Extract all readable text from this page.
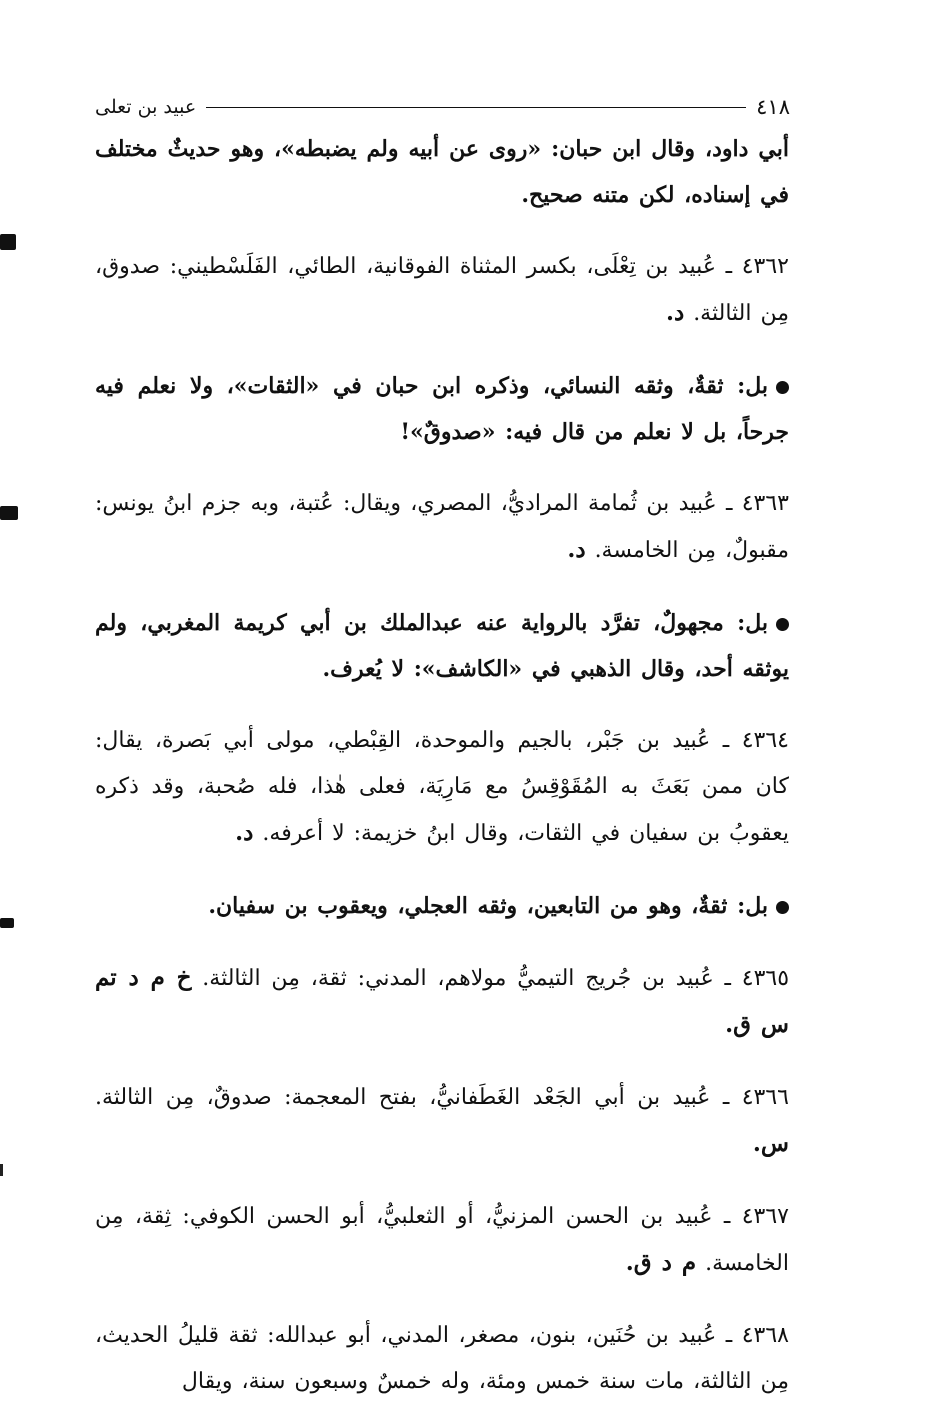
٤١٨
عبيد بن تعلى

أبي داود، وقال ابن حبان: «روى عن أبيه ولم يضبطه»، وهو حديثٌ مختلف في إسناده، لكن متنه صحيح.

٤٣٦٢ ـ عُبيد بن تِعْلَى، بكسر المثناة الفوقانية، الطائي، الفَلَسْطيني: صدوق، مِن الثالثة. د.

بل: ثقةٌ، وثقه النسائي، وذكره ابن حبان في «الثقات»، ولا نعلم فيه جرحاً، بل لا نعلم من قال فيه: «صدوقٌ»!

٤٣٦٣ ـ عُبيد بن ثُمامة المراديُّ، المصري، ويقال: عُتبة، وبه جزم ابنُ يونس: مقبولٌ، مِن الخامسة. د.

بل: مجهولٌ، تفرَّد بالرواية عنه عبدالملك بن أبي كريمة المغربي، ولم يوثقه أحد، وقال الذهبي في «الكاشف»: لا يُعرف.

٤٣٦٤ ـ عُبيد بن جَبْر، بالجيم والموحدة، القِبْطي، مولى أبي بَصرة، يقال: كان ممن بَعَثَ به المُقَوْقِسُ مع مَارِيَة، فعلى هٰذا، فله صُحبة، وقد ذكره يعقوبُ بن سفيان في الثقات، وقال ابنُ خزيمة: لا أعرفه. د.

بل: ثقةٌ، وهو من التابعين، وثقه العجلي، ويعقوب بن سفيان.

٤٣٦٥ ـ عُبيد بن جُريج التيميُّ مولاهم، المدني: ثقة، مِن الثالثة. خ م د تم س ق.

٤٣٦٦ ـ عُبيد بن أبي الجَعْد الغَطَفانيُّ، بفتح المعجمة: صدوقٌ، مِن الثالثة. س.

٤٣٦٧ ـ عُبيد بن الحسن المزنيُّ، أو الثعلبيُّ، أبو الحسن الكوفي: ثِقة، مِن الخامسة. م د ق.

٤٣٦٨ ـ عُبيد بن حُنَين، بنون، مصغر، المدني، أبو عبدالله: ثقة قليلُ الحديث، مِن الثالثة، مات سنة خمس ومئة، وله خمسٌ وسبعون سنة، ويقال
